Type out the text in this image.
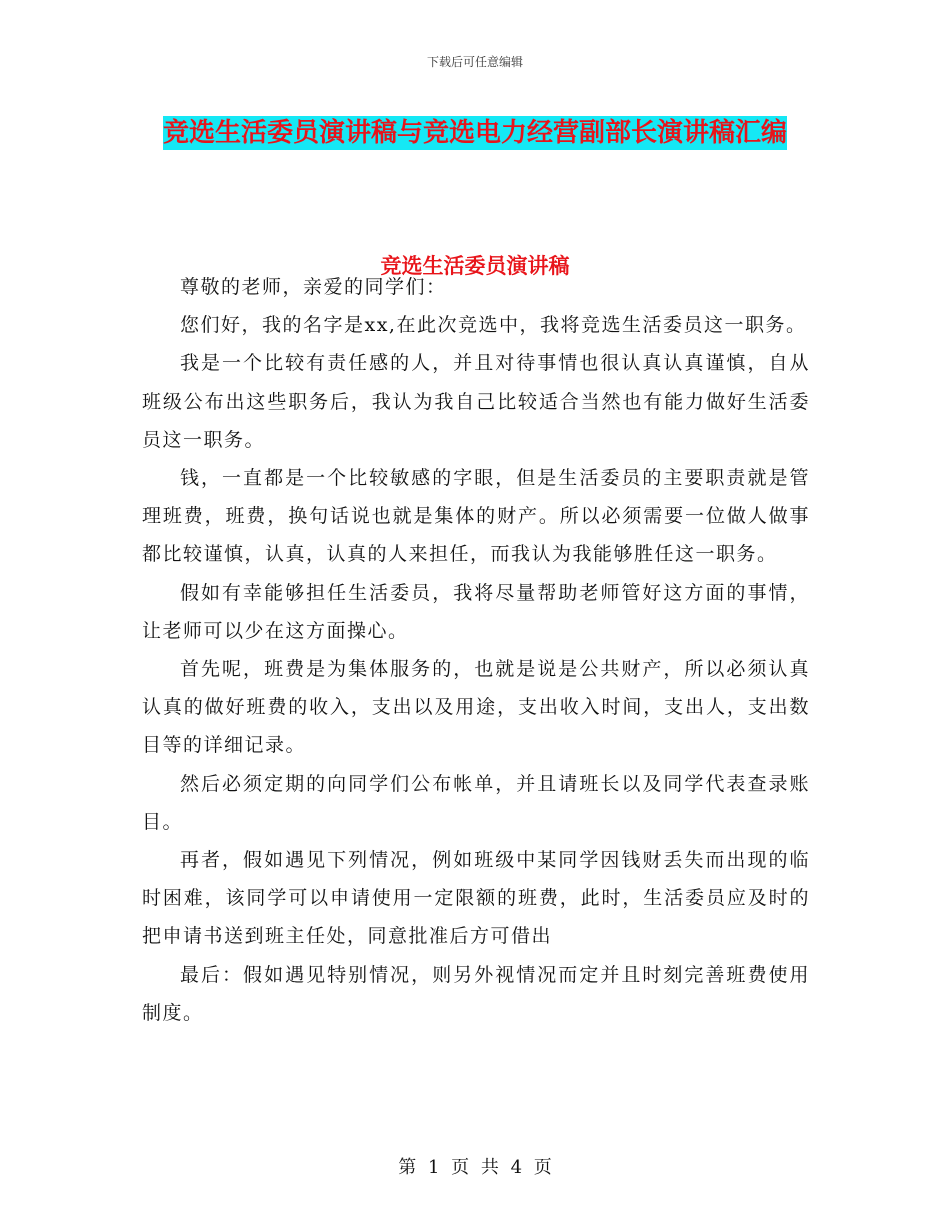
下载后可任意编辑
竞选生活委员演讲稿与竞选电力经营副部长演讲稿汇编
竞选生活委员演讲稿

尊敬的老师，亲爱的同学们：

您们好，我的名字是xx,在此次竞选中，我将竞选生活委员这一职务。

我是一个比较有责任感的人，并且对待事情也很认真认真谨慎，自从班级公布出这些职务后，我认为我自己比较适合当然也有能力做好生活委员这一职务。

钱，一直都是一个比较敏感的字眼，但是生活委员的主要职责就是管理班费，班费，换句话说也就是集体的财产。所以必须需要一位做人做事都比较谨慎，认真，认真的人来担任，而我认为我能够胜任这一职务。

假如有幸能够担任生活委员，我将尽量帮助老师管好这方面的事情，让老师可以少在这方面操心。

首先呢，班费是为集体服务的，也就是说是公共财产，所以必须认真认真的做好班费的收入，支出以及用途，支出收入时间，支出人，支出数目等的详细记录。

然后必须定期的向同学们公布帐单，并且请班长以及同学代表查录账目。

再者，假如遇见下列情况，例如班级中某同学因钱财丢失而出现的临时困难，该同学可以申请使用一定限额的班费，此时，生活委员应及时的把申请书送到班主任处，同意批准后方可借出

最后：假如遇见特别情况，则另外视情况而定并且时刻完善班费使用制度。

第 1 页 共 4 页
